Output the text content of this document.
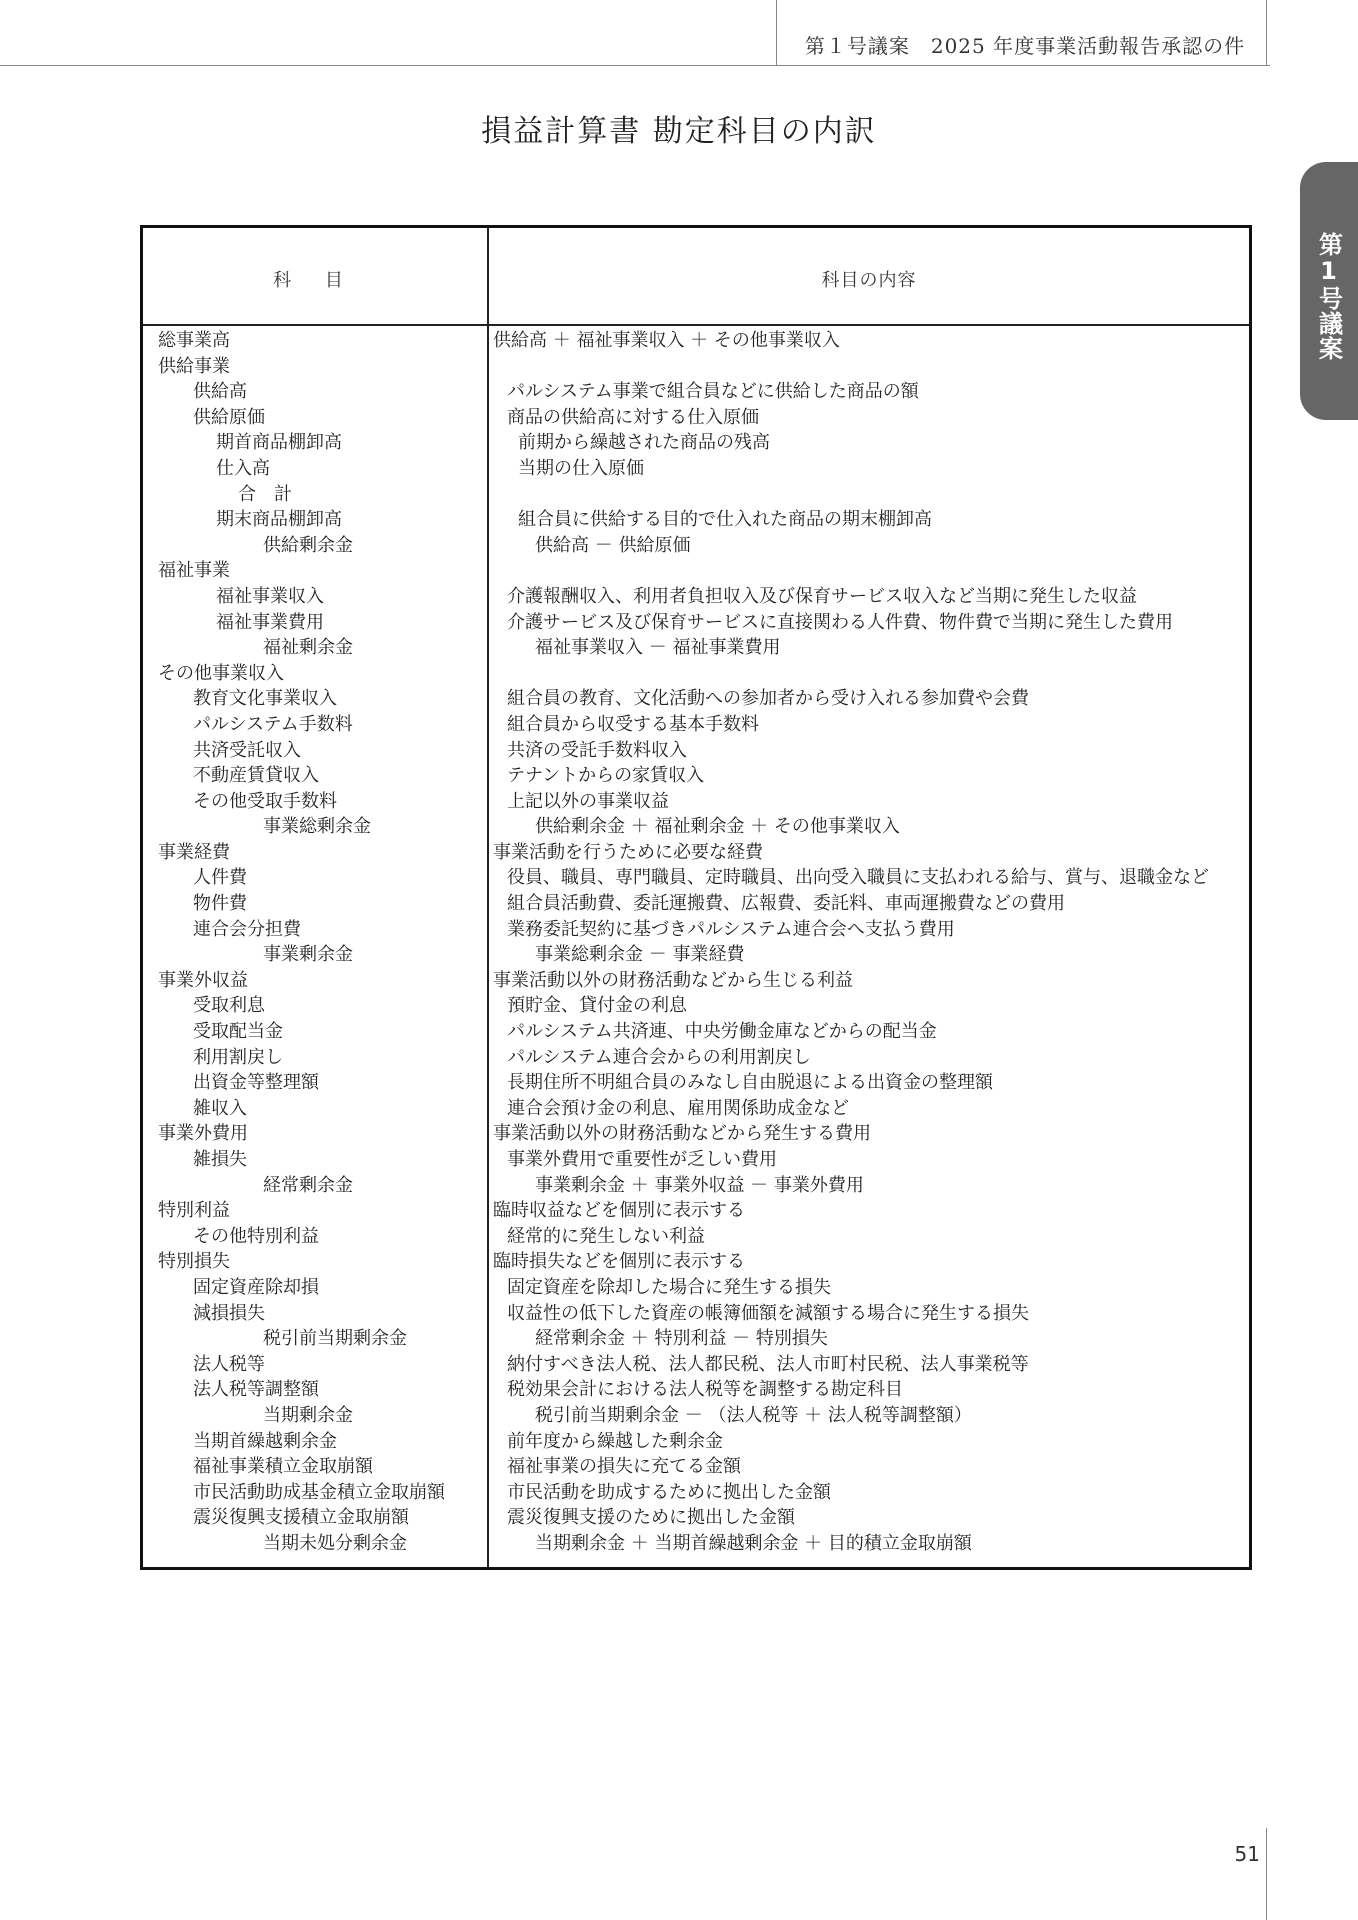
第１号議案　2025 年度事業活動報告承認の件
損益計算書 勘定科目の内訳
第1号議案
科 目	科目の内容
総事業高	供給高 ＋ 福祉事業収入 ＋ その他事業収入
供給事業
供給高	パルシステム事業で組合員などに供給した商品の額
供給原価	商品の供給高に対する仕入原価
期首商品棚卸高	前期から繰越された商品の残高
仕入高	当期の仕入原価
合　計
期末商品棚卸高	組合員に供給する目的で仕入れた商品の期末棚卸高
供給剰余金	供給高 － 供給原価
福祉事業
福祉事業収入	介護報酬収入、利用者負担収入及び保育サービス収入など当期に発生した収益
福祉事業費用	介護サービス及び保育サービスに直接関わる人件費、物件費で当期に発生した費用
福祉剰余金	福祉事業収入 － 福祉事業費用
その他事業収入
教育文化事業収入	組合員の教育、文化活動への参加者から受け入れる参加費や会費
パルシステム手数料	組合員から収受する基本手数料
共済受託収入	共済の受託手数料収入
不動産賃貸収入	テナントからの家賃収入
その他受取手数料	上記以外の事業収益
事業総剰余金	供給剰余金 ＋ 福祉剰余金 ＋ その他事業収入
事業経費	事業活動を行うために必要な経費
人件費	役員、職員、専門職員、定時職員、出向受入職員に支払われる給与、賞与、退職金など
物件費	組合員活動費、委託運搬費、広報費、委託料、車両運搬費などの費用
連合会分担費	業務委託契約に基づきパルシステム連合会へ支払う費用
事業剰余金	事業総剰余金 － 事業経費
事業外収益	事業活動以外の財務活動などから生じる利益
受取利息	預貯金、貸付金の利息
受取配当金	パルシステム共済連、中央労働金庫などからの配当金
利用割戻し	パルシステム連合会からの利用割戻し
出資金等整理額	長期住所不明組合員のみなし自由脱退による出資金の整理額
雑収入	連合会預け金の利息、雇用関係助成金など
事業外費用	事業活動以外の財務活動などから発生する費用
雑損失	事業外費用で重要性が乏しい費用
経常剰余金	事業剰余金 ＋ 事業外収益 － 事業外費用
特別利益	臨時収益などを個別に表示する
その他特別利益	経常的に発生しない利益
特別損失	臨時損失などを個別に表示する
固定資産除却損	固定資産を除却した場合に発生する損失
減損損失	収益性の低下した資産の帳簿価額を減額する場合に発生する損失
税引前当期剰余金	経常剰余金 ＋ 特別利益 － 特別損失
法人税等	納付すべき法人税、法人都民税、法人市町村民税、法人事業税等
法人税等調整額	税効果会計における法人税等を調整する勘定科目
当期剰余金	税引前当期剰余金 － （法人税等 ＋ 法人税等調整額）
当期首繰越剰余金	前年度から繰越した剰余金
福祉事業積立金取崩額	福祉事業の損失に充てる金額
市民活動助成基金積立金取崩額	市民活動を助成するために拠出した金額
震災復興支援積立金取崩額	震災復興支援のために拠出した金額
当期未処分剰余金	当期剰余金 ＋ 当期首繰越剰余金 ＋ 目的積立金取崩額
51
